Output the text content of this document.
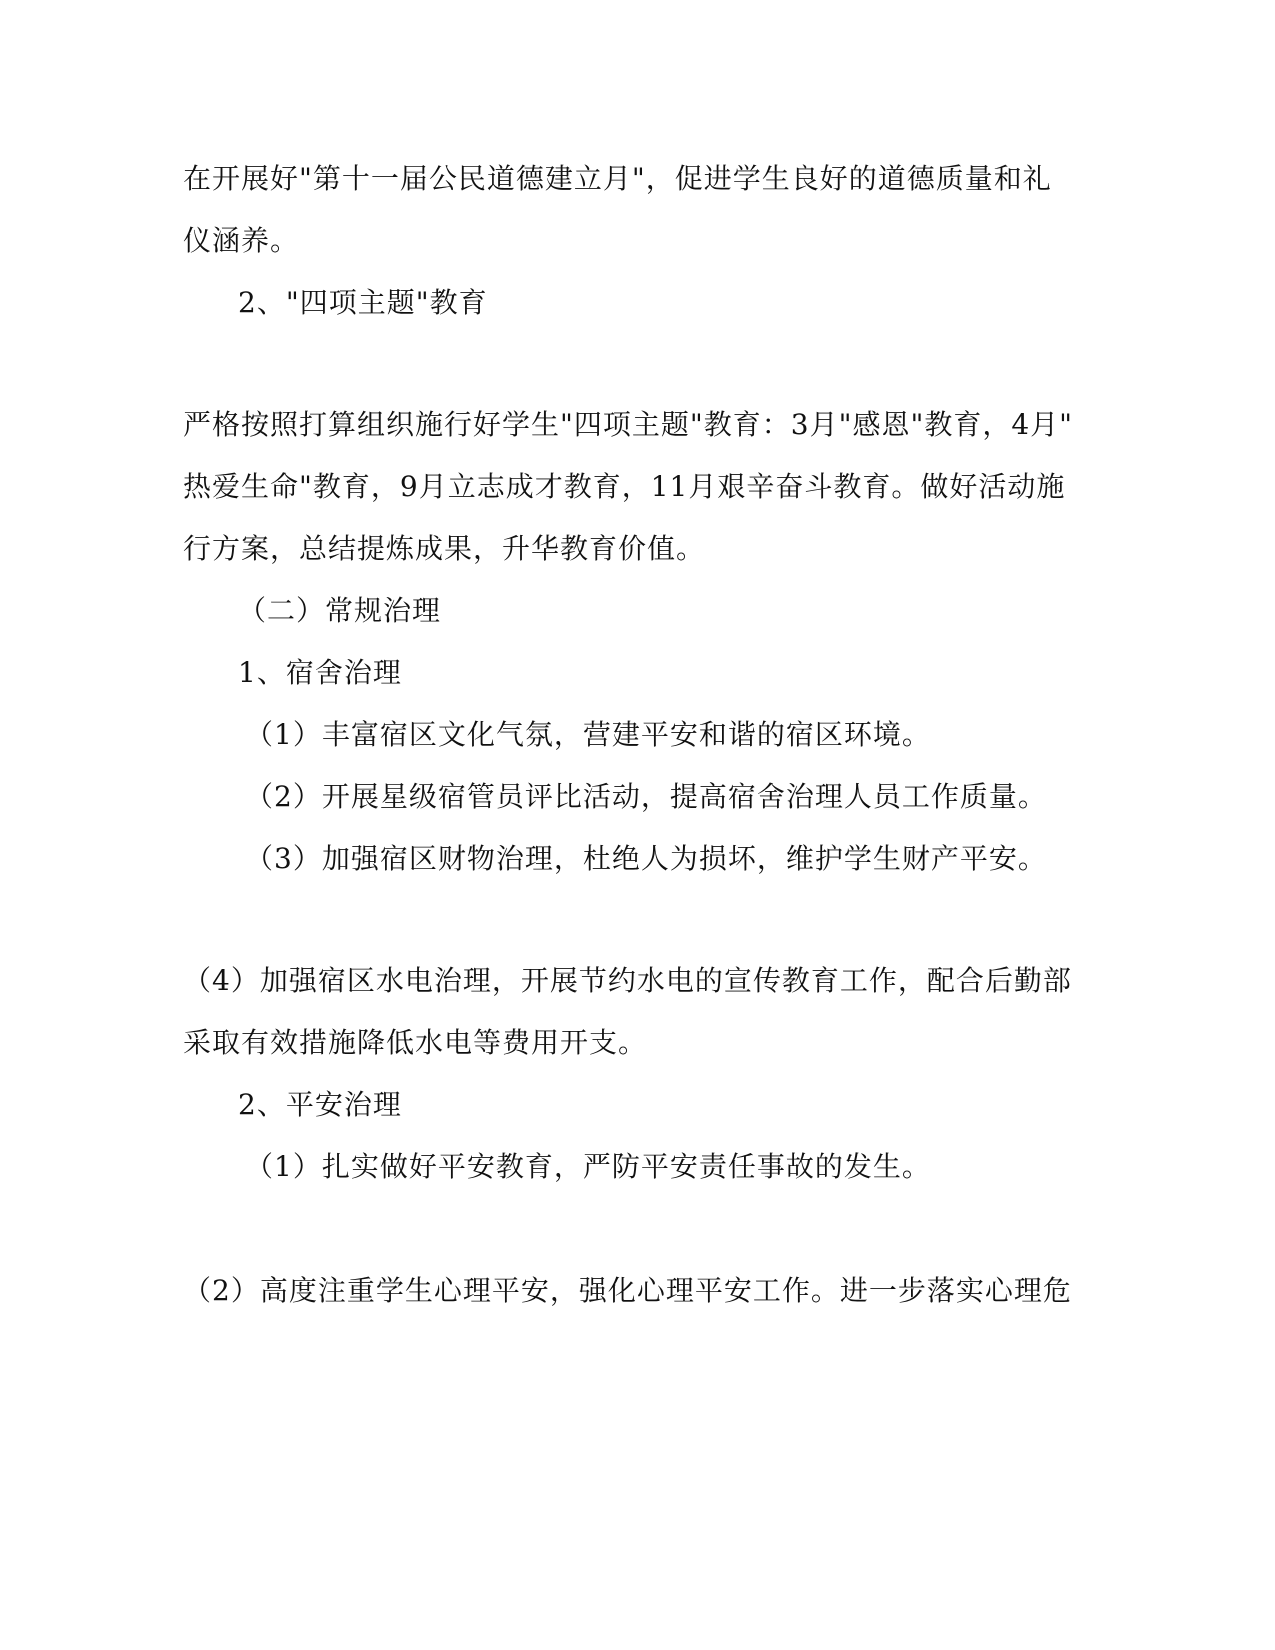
在开展好"第十一届公民道德建立月"，促进学生良好的道德质量和礼
仪涵养。
2、"四项主题"教育
严格按照打算组织施行好学生"四项主题"教育：3月"感恩"教育，4月"
热爱生命"教育，9月立志成才教育，11月艰辛奋斗教育。做好活动施
行方案，总结提炼成果，升华教育价值。
（二）常规治理
1、宿舍治理
（1）丰富宿区文化气氛，营建平安和谐的宿区环境。
（2）开展星级宿管员评比活动，提高宿舍治理人员工作质量。
（3）加强宿区财物治理，杜绝人为损坏，维护学生财产平安。
（4）加强宿区水电治理，开展节约水电的宣传教育工作，配合后勤部
采取有效措施降低水电等费用开支。
2、平安治理
（1）扎实做好平安教育，严防平安责任事故的发生。
（2）高度注重学生心理平安，强化心理平安工作。进一步落实心理危
